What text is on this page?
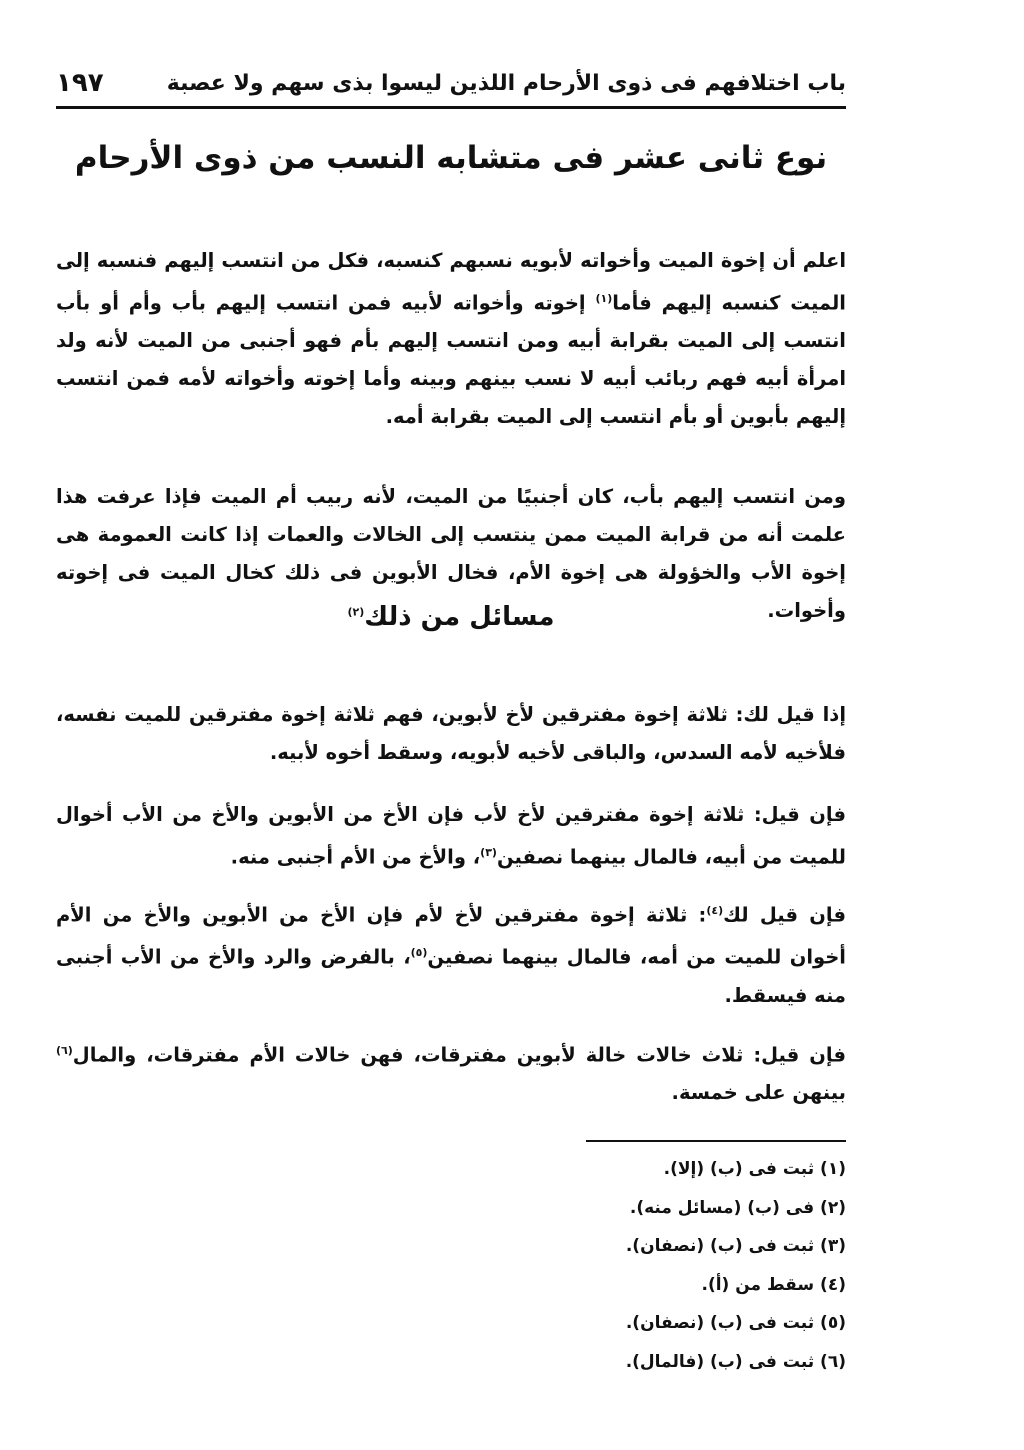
باب اختلافهم فى ذوى الأرحام اللذين ليسوا بذى سهم ولا عصبة
١٩٧
نوع ثانى عشر فى متشابه النسب من ذوى الأرحام

اعلم أن إخوة الميت وأخواته لأبويه نسبهم كنسبه، فكل من انتسب إليهم فنسبه إلى الميت كنسبه إليهم فأما$^{(١)}$ إخوته وأخواته لأبيه فمن انتسب إليهم بأب وأم أو بأب انتسب إلى الميت بقرابة أبيه ومن انتسب إليهم بأم فهو أجنبى من الميت لأنه ولد امرأة أبيه فهم ربائب أبيه لا نسب بينهم وبينه وأما إخوته وأخواته لأمه فمن انتسب إليهم بأبوين أو بأم انتسب إلى الميت بقرابة أمه.

ومن انتسب إليهم بأب، كان أجنبيًا من الميت، لأنه ربيب أم الميت فإذا عرفت هذا علمت أنه من قرابة الميت ممن ينتسب إلى الخالات والعمات إذا كانت العمومة هى إخوة الأب والخؤولة هى إخوة الأم، فخال الأبوين فى ذلك كخال الميت فى إخوته وأخوات.

مسائل من ذلك$^{(٢)}$

إذا قيل لك: ثلاثة إخوة مفترقين لأخ لأبوين، فهم ثلاثة إخوة مفترقين للميت نفسه، فلأخيه لأمه السدس، والباقى لأخيه لأبويه، وسقط أخوه لأبيه.

فإن قيل: ثلاثة إخوة مفترقين لأخ لأب فإن الأخ من الأبوين والأخ من الأب أخوال للميت من أبيه، فالمال بينهما نصفين$^{(٣)}$، والأخ من الأم أجنبى منه.

فإن قيل لك$^{(٤)}$: ثلاثة إخوة مفترقين لأخ لأم فإن الأخ من الأبوين والأخ من الأم أخوان للميت من أمه، فالمال بينهما نصفين$^{(٥)}$، بالفرض والرد والأخ من الأب أجنبى منه فيسقط.

فإن قيل: ثلاث خالات خالة لأبوين مفترقات، فهن خالات الأم مفترقات، والمال$^{(٦)}$ بينهن على خمسة.

(١) ثبت فى (ب) (إلا).
(٢) فى (ب) (مسائل منه).
(٣) ثبت فى (ب) (نصفان).
(٤) سقط من (أ).
(٥) ثبت فى (ب) (نصفان).
(٦) ثبت فى (ب) (فالمال).
